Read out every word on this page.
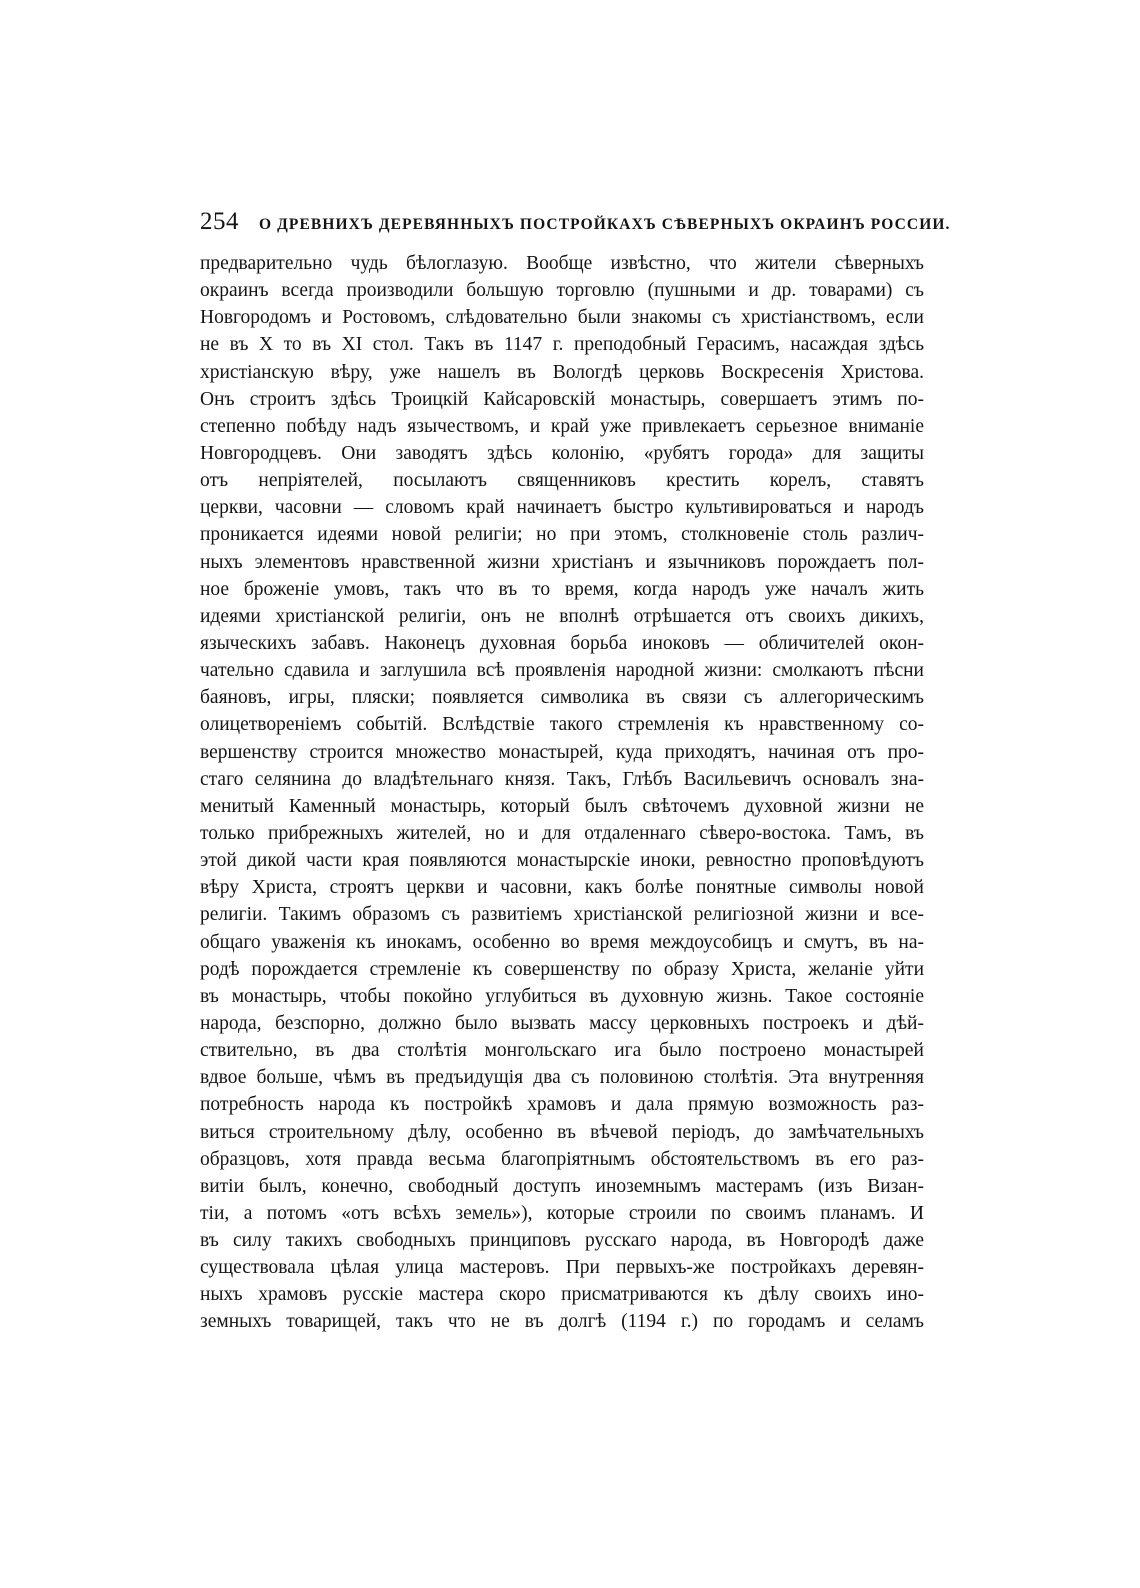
254 О ДРЕВНИХЪ ДЕРЕВЯННЫХЪ ПОСТРОЙКАХЪ СѢВЕРНЫХЪ ОКРАИНЪ РОССИИ.
предварительно чудь бѣлоглазую. Вообще извѣстно, что жители сѣверныхъ
окраинъ всегда производили большую торговлю (пушными и др. товарами) съ
Новгородомъ и Ростовомъ, слѣдовательно были знакомы съ христіанствомъ, если
не въ X то въ XI стол. Такъ въ 1147 г. преподобный Герасимъ, насаждая здѣсь
христіанскую вѣру, уже нашелъ въ Вологдѣ церковь Воскресенія Христова.
Онъ строитъ здѣсь Троицкій Кайсаровскій монастырь, совершаетъ этимъ по-
степенно побѣду надъ язычествомъ, и край уже привлекаетъ серьезное вниманіе
Новгородцевъ. Они заводятъ здѣсь колонію, «рубятъ городa» для защиты
отъ непріятелей, посылаютъ священниковъ крестить корелъ, ставятъ
церкви, часовни — словомъ край начинаетъ быстро культивироваться и народъ
проникается идеями новой религіи; но при этомъ, столкновеніе столь различ-
ныхъ элементовъ нравственной жизни христіанъ и язычниковъ порождаетъ пол-
ное броженіе умовъ, такъ что въ то время, когда народъ уже началъ жить
идеями христіанской религіи, онъ не вполнѣ отрѣшается отъ своихъ дикихъ,
языческихъ забавъ. Наконецъ духовная борьба иноковъ — обличителей окон-
чательно сдавила и заглушила всѣ проявленія народной жизни: смолкаютъ пѣсни
баяновъ, игры, пляски; появляется символика въ связи съ аллегорическимъ
олицетвореніемъ событій. Вслѣдствіе такого стремленія къ нравственному со-
вершенству строится множество монастырей, куда приходятъ, начиная отъ про-
стаго селянина до владѣтельнаго князя. Такъ, Глѣбъ Васильевичъ основалъ зна-
менитый Каменный монастырь, который былъ свѣточемъ духовной жизни не
только прибрежныхъ жителей, но и для отдаленнаго сѣверо-востока. Тамъ, въ
этой дикой части края появляются монастырскіе иноки, ревностно проповѣдуютъ
вѣру Христа, строятъ церкви и часовни, какъ болѣе понятные символы новой
религіи. Такимъ образомъ съ развитіемъ христіанской религіозной жизни и все-
общаго уваженія къ инокамъ, особенно во время междоусобицъ и смутъ, въ на-
родѣ порождается стремленіе къ совершенству по образу Христа, желаніе уйти
въ монастырь, чтобы покойно углубиться въ духовную жизнь. Такое состояніе
народа, безспорно, должно было вызвать массу церковныхъ построекъ и дѣй-
ствительно, въ два столѣтія монгольскаго ига было построено монастырей
вдвое больше, чѣмъ въ предъидущія два съ половиною столѣтія. Эта внутренняя
потребность народа къ постройкѣ храмовъ и дала прямую возможность раз-
виться строительному дѣлу, особенно въ вѣчевой періодъ, до замѣчательныхъ
образцовъ, хотя правда весьма благопріятнымъ обстоятельствомъ въ его раз-
витіи былъ, конечно, свободный доступъ иноземнымъ мастерамъ (изъ Визан-
тіи, а потомъ «отъ всѣхъ земель»), которые строили по своимъ планамъ. И
въ силу такихъ свободныхъ принциповъ русскаго народа, въ Новгородѣ даже
существовала цѣлая улица мастеровъ. При первыхъ-же постройкахъ деревян-
ныхъ храмовъ русскіе мастера скоро присматриваются къ дѣлу своихъ ино-
земныхъ товарищей, такъ что не въ долгѣ (1194 г.) по городамъ и селамъ
